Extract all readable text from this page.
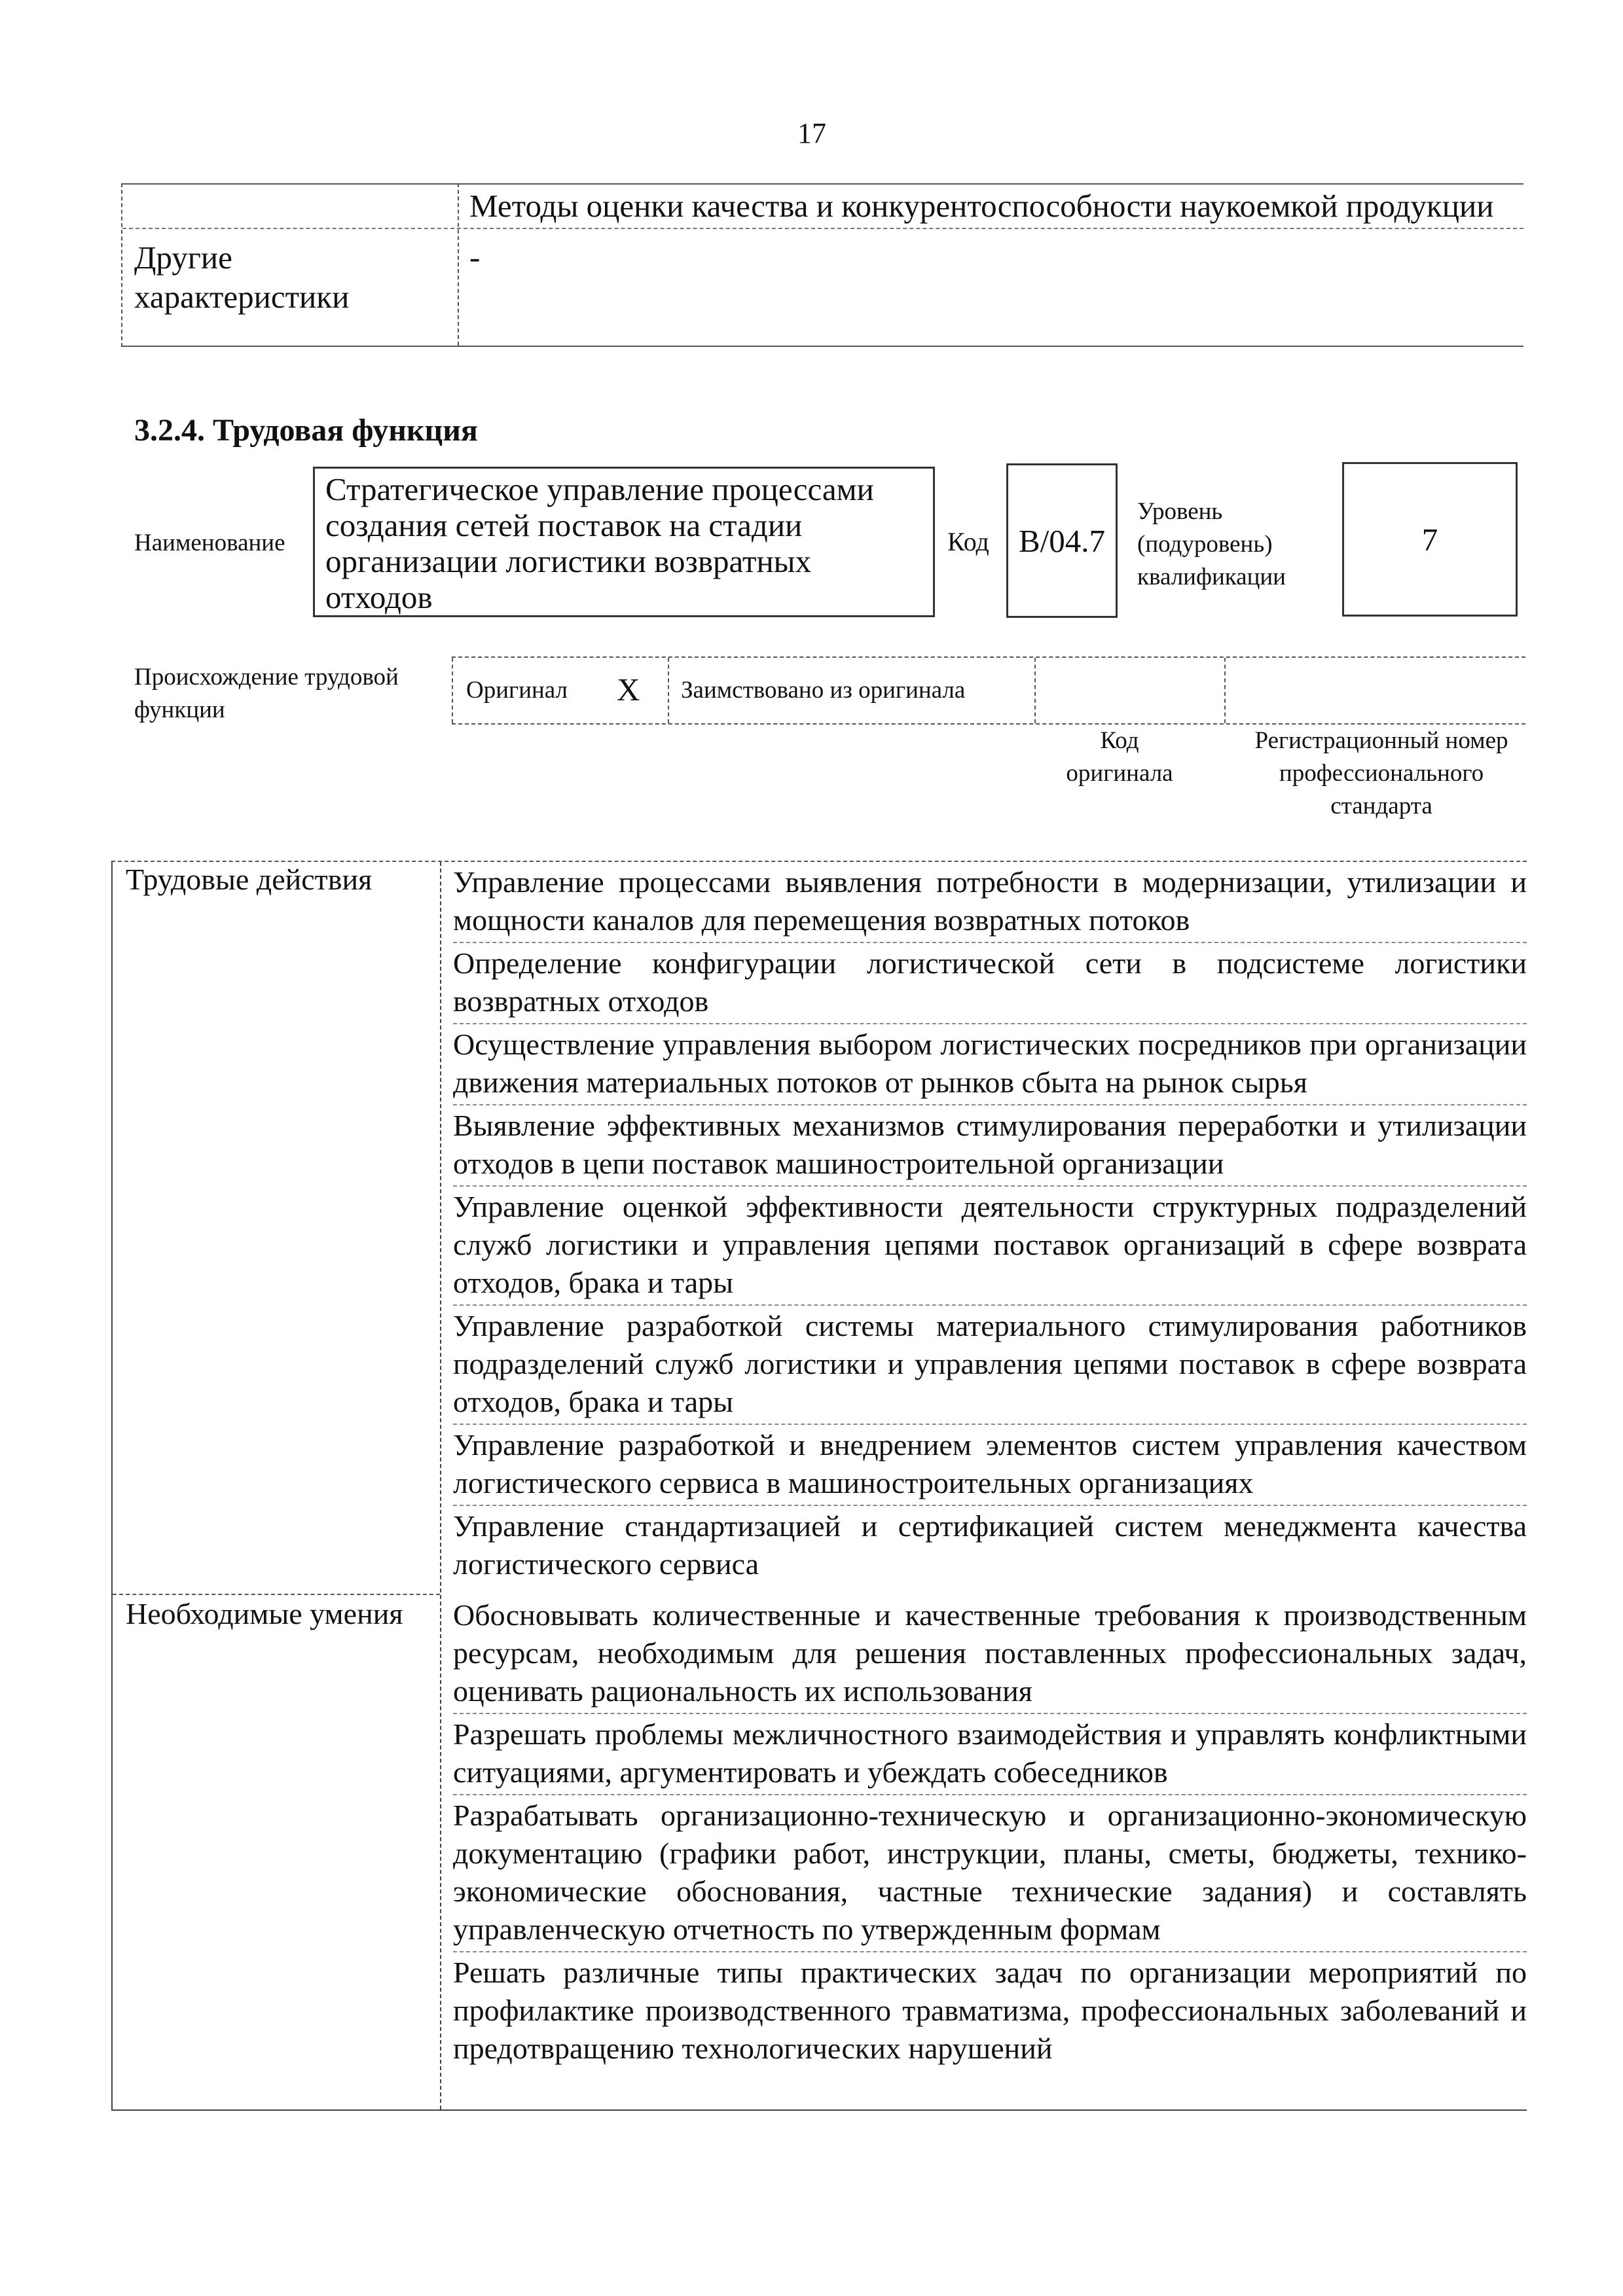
17
Методы оценки качества и конкурентоспособности наукоемкой продукции
Другие характеристики
-
3.2.4. Трудовая функция
Наименование
Стратегическое управление процессами создания сетей поставок на стадии организации логистики возвратных отходов
Код B/04.7
Уровень (подуровень) квалификации
7
Происхождение трудовой функции
Оригинал X Заимствовано из оригинала
Код оригинала
Регистрационный номер профессионального стандарта
Трудовые действия
Необходимые умения
Управление процессами выявления потребности в модернизации, утилизации и мощности каналов для перемещения возвратных потоков
Определение конфигурации логистической сети в подсистеме логистики возвратных отходов
Осуществление управления выбором логистических посредников при организации движения материальных потоков от рынков сбыта на рынок сырья
Выявление эффективных механизмов стимулирования переработки и утилизации отходов в цепи поставок машиностроительной организации
Управление оценкой эффективности деятельности структурных подразделений служб логистики и управления цепями поставок организаций в сфере возврата отходов, брака и тары
Управление разработкой системы материального стимулирования работников подразделений служб логистики и управления цепями поставок в сфере возврата отходов, брака и тары
Управление разработкой и внедрением элементов систем управления качеством логистического сервиса в машиностроительных организациях
Управление стандартизацией и сертификацией систем менеджмента качества логистического сервиса
Обосновывать количественные и качественные требования к производственным ресурсам, необходимым для решения поставленных профессиональных задач, оценивать рациональность их использования
Разрешать проблемы межличностного взаимодействия и управлять конфликтными ситуациями, аргументировать и убеждать собеседников
Разрабатывать организационно-техническую и организационно-экономическую документацию (графики работ, инструкции, планы, сметы, бюджеты, технико-экономические обоснования, частные технические задания) и составлять управленческую отчетность по утвержденным формам
Решать различные типы практических задач по организации мероприятий по профилактике производственного травматизма, профессиональных заболеваний и предотвращению технологических нарушений
